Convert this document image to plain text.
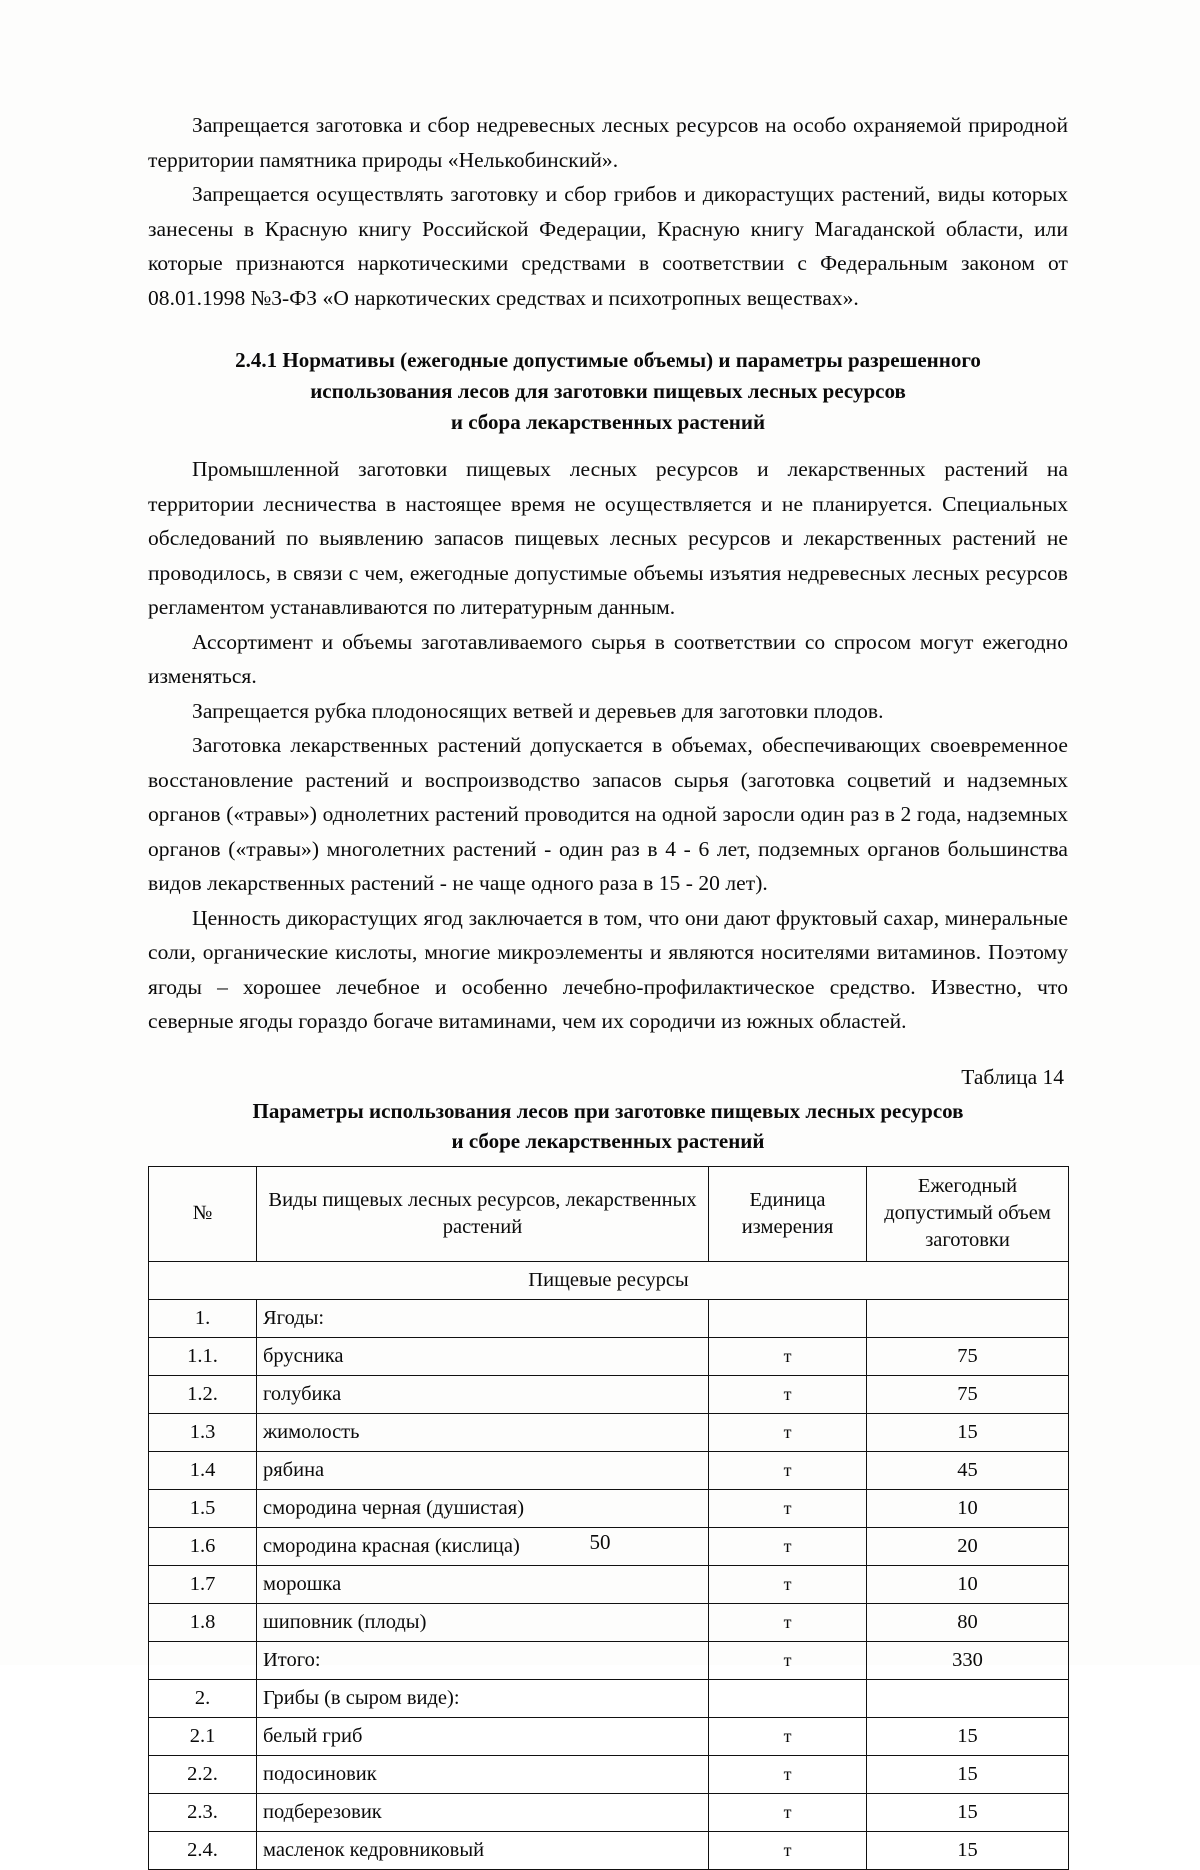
Запрещается заготовка и сбор недревесных лесных ресурсов на особо охраняемой природной территории памятника природы «Нелькобинский».

Запрещается осуществлять заготовку и сбор грибов и дикорастущих растений, виды которых занесены в Красную книгу Российской Федерации, Красную книгу Магаданской области, или которые признаются наркотическими средствами в соответствии с Федеральным законом от 08.01.1998 №3-ФЗ «О наркотических средствах и психотропных веществах».

2.4.1 Нормативы (ежегодные допустимые объемы) и параметры разрешенного
использования лесов для заготовки пищевых лесных ресурсов
и сбора лекарственных растений

Промышленной заготовки пищевых лесных ресурсов и лекарственных растений на территории лесничества в настоящее время не осуществляется и не планируется. Специальных обследований по выявлению запасов пищевых лесных ресурсов и лекарственных растений не проводилось, в связи с чем, ежегодные допустимые объемы изъятия недревесных лесных ресурсов регламентом устанавливаются по литературным данным.

Ассортимент и объемы заготавливаемого сырья в соответствии со спросом могут ежегодно изменяться.

Запрещается рубка плодоносящих ветвей и деревьев для заготовки плодов.

Заготовка лекарственных растений допускается в объемах, обеспечивающих своевременное восстановление растений и воспроизводство запасов сырья (заготовка соцветий и надземных органов («травы») однолетних растений проводится на одной заросли один раз в 2 года, надземных органов («травы») многолетних растений - один раз в 4 - 6 лет, подземных органов большинства видов лекарственных растений - не чаще одного раза в 15 - 20 лет).

Ценность дикорастущих ягод заключается в том, что они дают фруктовый сахар, минеральные соли, органические кислоты, многие микроэлементы и являются носителями витаминов. Поэтому ягоды – хорошее лечебное и особенно лечебно-профилактическое средство. Известно, что северные ягоды гораздо богаче витаминами, чем их сородичи из южных областей.

Таблица 14
Параметры использования лесов при заготовке пищевых лесных ресурсов
и сборе лекарственных растений
№	Виды пищевых лесных ресурсов, лекарственных растений	Единица измерения	Ежегодный допустимый объем заготовки
Пищевые ресурсы			
1.	Ягоды:		
1.1.	брусника	т	75
1.2.	голубика	т	75
1.3	жимолость	т	15
1.4	рябина	т	45
1.5	смородина черная (душистая)	т	10
1.6	смородина красная (кислица)	т	20
1.7	морошка	т	10
1.8	шиповник (плоды)	т	80
	Итого:	т	330
2.	Грибы (в сыром виде):		
2.1	белый гриб	т	15
2.2.	подосиновик	т	15
2.3.	подберезовик	т	15
2.4.	масленок кедровниковый	т	15
50
